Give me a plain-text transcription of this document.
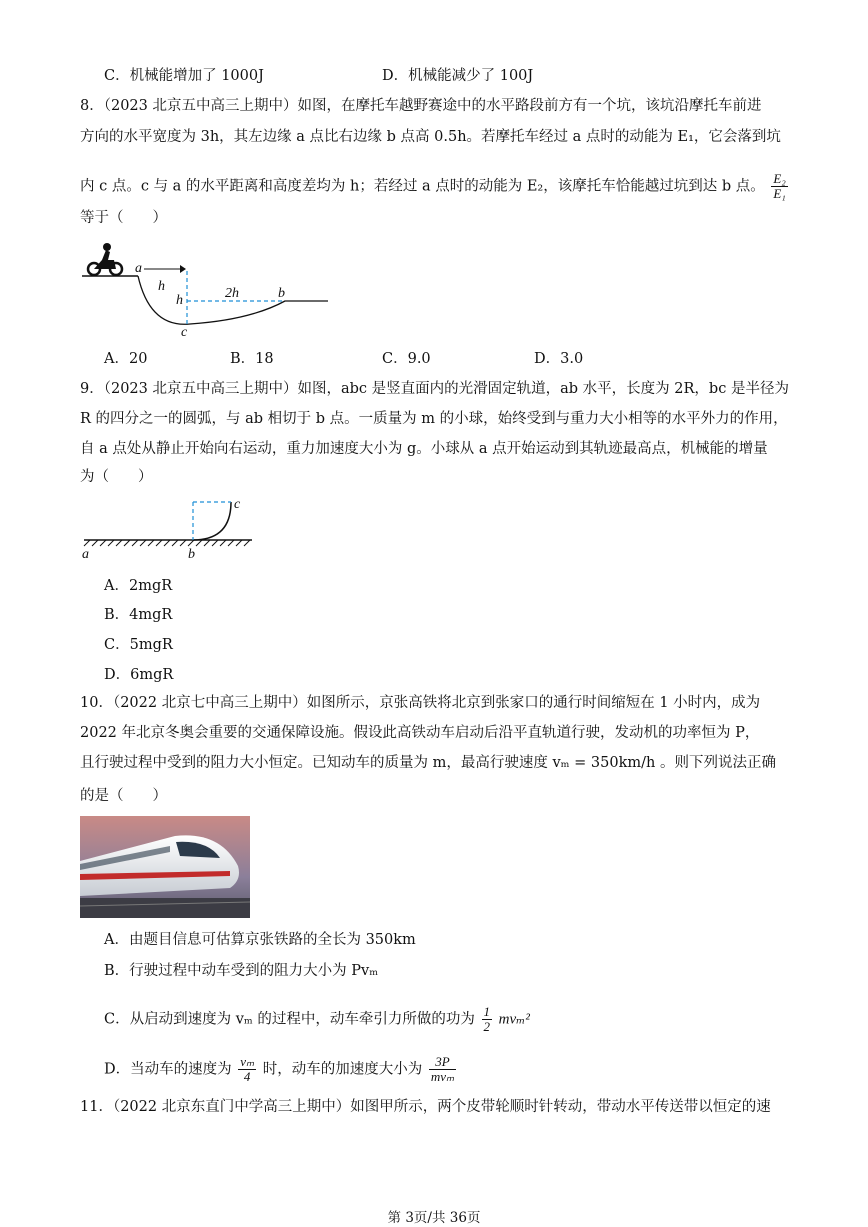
C．机械能增加了 1000J	D．机械能减少了 100J
8．（2023 北京五中高三上期中）如图，在摩托车越野赛途中的水平路段前方有一个坑，该坑沿摩托车前进
方向的水平宽度为 3h，其左边缘 a 点比右边缘 b 点高 0.5h。若摩托车经过 a 点时的动能为 E₁，它会落到坑
内 c 点。c 与 a 的水平距离和高度差均为 h；若经过 a 点时的动能为 E₂，该摩托车恰能越过坑到达 b 点。 $\frac{\text{E₂}}{\text{E₁}}$
等于（　　）
a
h
h	2h	b
c
A．20	B．18	C．9.0	D．3.0
9．（2023 北京五中高三上期中）如图，abc 是竖直面内的光滑固定轨道，ab 水平，长度为 2R，bc 是半径为
R 的四分之一的圆弧，与 ab 相切于 b 点。一质量为 m 的小球，始终受到与重力大小相等的水平外力的作用，
自 a 点处从静止开始向右运动，重力加速度大小为 g。小球从 a 点开始运动到其轨迹最高点，机械能的增量
为（　　）
a	b
c
A．2mgR
B．4mgR
C．5mgR
D．6mgR
10．（2022 北京七中高三上期中）如图所示，京张高铁将北京到张家口的通行时间缩短在 1 小时内，成为
2022 年北京冬奥会重要的交通保障设施。假设此高铁动车启动后沿平直轨道行驶，发动机的功率恒为 P，
且行驶过程中受到的阻力大小恒定。已知动车的质量为 m，最高行驶速度 vₘ = 350km/h 。则下列说法正确
的是（　　）
A．由题目信息可估算京张铁路的全长为 350km
B．行驶过程中动车受到的阻力大小为 Pvₘ
C．从启动到速度为 vₘ 的过程中，动车牵引力所做的功为 $\frac{1}{2} mv_m^2$
D．当动车的速度为 $\frac{\text{vₘ}}{4}$ 时，动车的加速度大小为 $\frac{3P}{\text{mvₘ}}$
11．（2022 北京东直门中学高三上期中）如图甲所示，两个皮带轮顺时针转动，带动水平传送带以恒定的速
第 3页/共 36页
